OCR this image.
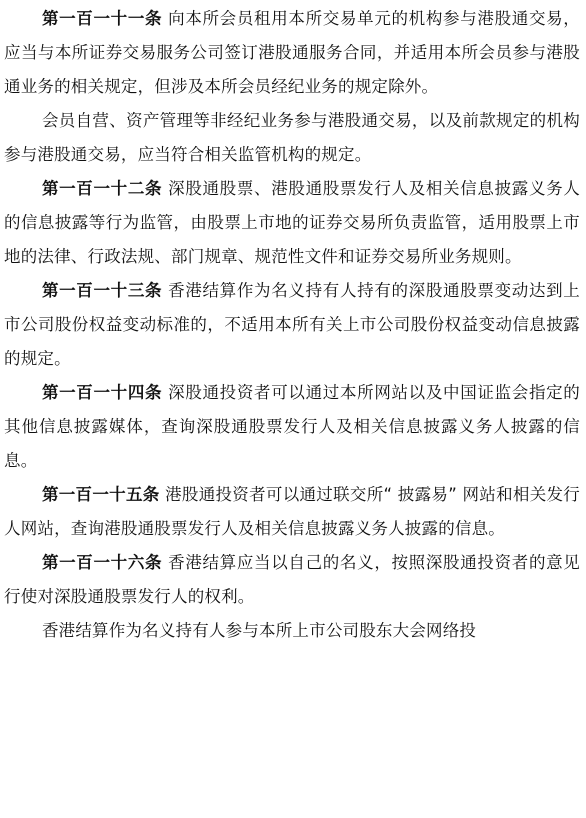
第一百一十一条 向本所会员租用本所交易单元的机构参与港股通交易，应当与本所证券交易服务公司签订港股通服务合同，并适用本所会员参与港股通业务的相关规定，但涉及本所会员经纪业务的规定除外。

会员自营、资产管理等非经纪业务参与港股通交易，以及前款规定的机构参与港股通交易，应当符合相关监管机构的规定。

第一百一十二条 深股通股票、港股通股票发行人及相关信息披露义务人的信息披露等行为监管，由股票上市地的证券交易所负责监管，适用股票上市地的法律、行政法规、部门规章、规范性文件和证券交易所业务规则。

第一百一十三条 香港结算作为名义持有人持有的深股通股票变动达到上市公司股份权益变动标准的，不适用本所有关上市公司股份权益变动信息披露的规定。

第一百一十四条 深股通投资者可以通过本所网站以及中国证监会指定的其他信息披露媒体，查询深股通股票发行人及相关信息披露义务人披露的信息。

第一百一十五条 港股通投资者可以通过联交所“ 披露易” 网站和相关发行人网站，查询港股通股票发行人及相关信息披露义务人披露的信息。

第一百一十六条 香港结算应当以自己的名义，按照深股通投资者的意见行使对深股通股票发行人的权利。

香港结算作为名义持有人参与本所上市公司股东大会网络投
